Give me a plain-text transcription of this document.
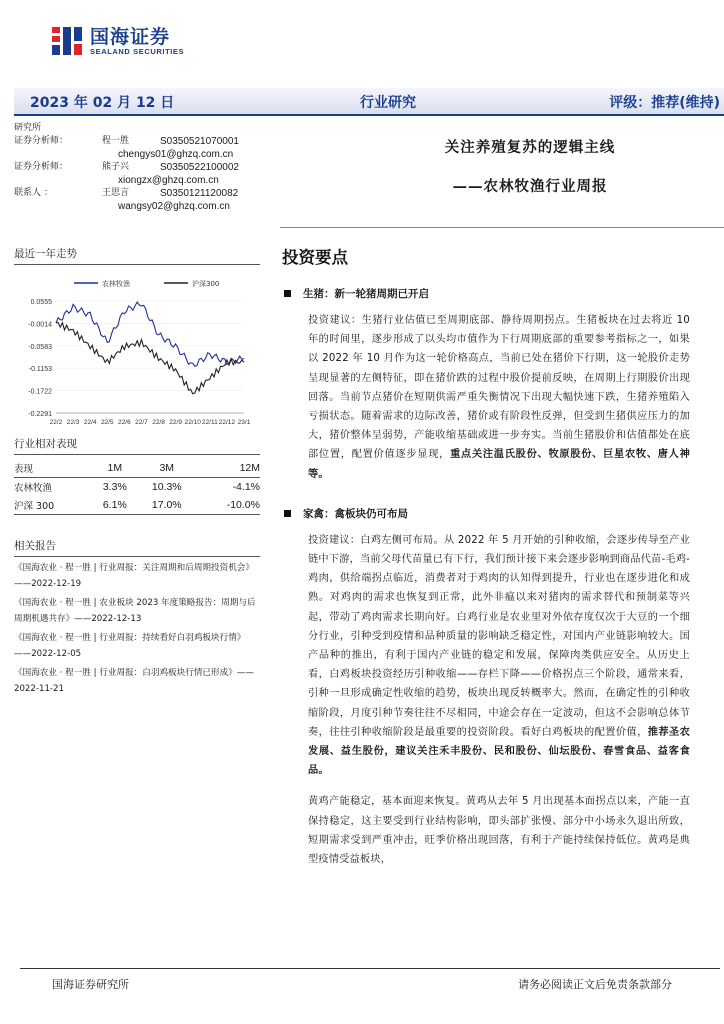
国海证券
SEALAND SECURITIES
2023 年 02 月 12 日	行业研究	评级：推荐(维持)
研究所
证券分析师：	程一胜	S0350521070001
chengys01@ghzq.com.cn
证券分析师：	熊子兴	S0350522100002
xiongzx@ghzq.com.cn
联系人 ：	王思言	S0350121120082
wangsy02@ghzq.com.cn
关注养殖复苏的逻辑主线
——农林牧渔行业周报
最近一年走势
农林牧渔	沪深300
0.0555
-0.0014
-0.0583
-0.1153
-0.1722
-0.2291
22/2 22/3 22/4 22/5 22/6 22/7 22/8 22/9 22/10 22/11 22/12 23/1
行业相对表现
表现	1M	3M	12M
农林牧渔	3.3%	10.3%	-4.1%
沪深 300	6.1%	17.0%	-10.0%
相关报告
《国海农业 · 程一胜 | 行业周报：关注周期和后周期投资机会》——2022-12-19
《国海农业 · 程一胜 | 农业板块 2023 年度策略报告：周期与后周期机遇共存》——2022-12-13
《国海农业 · 程一胜 | 行业周报：持续看好白羽鸡板块行情》——2022-12-05
《国海农业 · 程一胜 | 行业周报：白羽鸡板块行情已形成》——2022-11-21
投资要点
生猪：新一轮猪周期已开启
投资建议：生猪行业估值已至周期底部、静待周期拐点。生猪板块在过去将近 10 年的时间里，逐步形成了以头均市值作为下行周期底部的重要参考指标之一，如果以 2022 年 10 月作为这一轮价格高点，当前已处在猪价下行期，这一轮股价走势呈现显著的左侧特征，即在猪价跌的过程中股价提前反映，在周期上行期股价出现回落。当前节点猪价在短期供需严重失衡情况下出现大幅快速下跌，生猪养殖陷入亏损状态。随着需求的边际改善，猪价或有阶段性反弹，但受到生猪供应压力的加大，猪价整体呈弱势，产能收缩基础或进一步夯实。当前生猪股价和估值都处在底部位置，配置价值逐步显现，重点关注温氏股份、牧原股份、巨星农牧、唐人神等。
家禽：禽板块仍可布局
投资建议：白鸡左侧可布局。从 2022 年 5 月开始的引种收缩，会逐步传导至产业链中下游，当前父母代苗量已有下行，我们预计接下来会逐步影响到商品代苗-毛鸡-鸡肉，供给端拐点临近，消费者对于鸡肉的认知得到提升，行业也在逐步进化和成熟。对鸡肉的需求也恢复到正常，此外非瘟以来对猪肉的需求替代和预制菜等兴起，带动了鸡肉需求长期向好。白鸡行业是农业里对外依存度仅次于大豆的一个细分行业，引种受到疫情和品种质量的影响缺乏稳定性，对国内产业链影响较大。国产品种的推出，有利于国内产业链的稳定和发展，保障肉类供应安全。从历史上看，白鸡板块投资经历引种收缩——存栏下降——价格拐点三个阶段，通常来看，引种一旦形成确定性收缩的趋势，板块出现反转概率大。然而，在确定性的引种收缩阶段，月度引种节奏往往不尽相同，中途会存在一定波动，但这不会影响总体节奏，往往引种收缩阶段是最重要的投资阶段。看好白鸡板块的配置价值，推荐圣农发展、益生股份，建议关注禾丰股份、民和股份、仙坛股份、春雪食品、益客食品。
黄鸡产能稳定，基本面迎来恢复。黄鸡从去年 5 月出现基本面拐点以来，产能一直保持稳定，这主要受到行业结构影响，即头部扩张慢、部分中小场永久退出所致，短期需求受到严重冲击，旺季价格出现回落，有利于产能持续保持低位。黄鸡是典型疫情受益板块，
国海证券研究所	请务必阅读正文后免责条款部分
